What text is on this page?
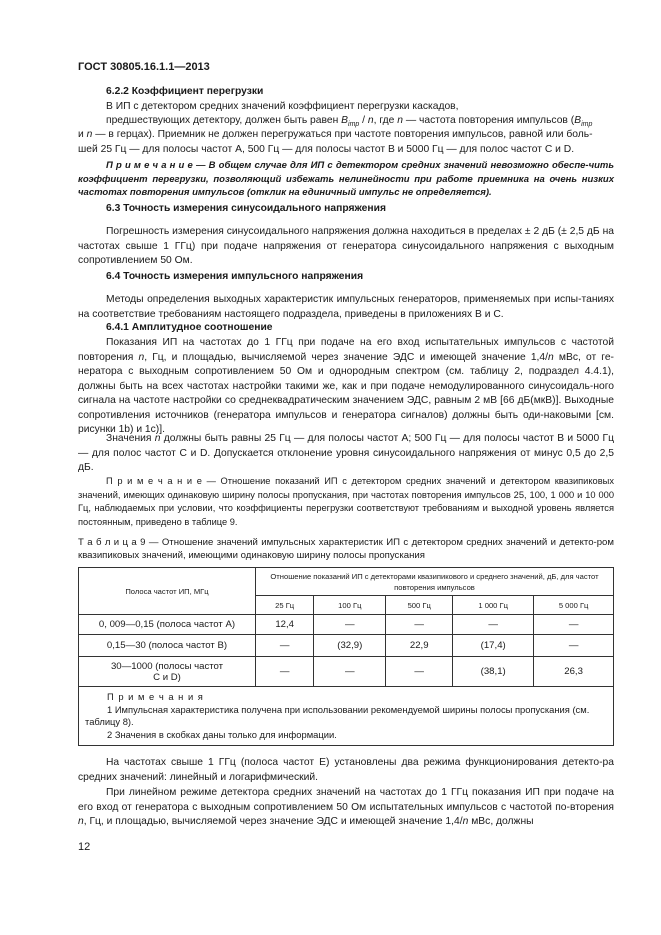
ГОСТ 30805.16.1.1—2013

6.2.2 Коэффициент перегрузки

В ИП с детектором средних значений коэффициент перегрузки каскадов,

предшествующих детектору, должен быть равен $B_{imp}$ / n, где n — частота повторения импульсов ($B_{imp}$

и n — в герцах). Приемник не должен перегружаться при частоте повторения импульсов, равной или боль-
шей 25 Гц — для полосы частот А, 500 Гц — для полосы частот В и 5000 Гц — для полос частот С и D.
П р и м е ч а н и е — В общем случае для ИП с детектором средних значений невозможно обеспе-чить коэффициент перегрузки, позволяющий избежать нелинейности при работе приемника на очень низких частотах повторения импульсов (отклик на единичный импульс не определяется).
6.3 Точность измерения синусоидального напряжения
Погрешность измерения синусоидального напряжения должна находиться в пределах ± 2 дБ (± 2,5 дБ на частотах свыше 1 ГГц) при подаче напряжения от генератора синусоидального напряжения с выходным сопротивлением 50 Ом.
6.4 Точность измерения импульсного напряжения
Методы определения выходных характеристик импульсных генераторов, применяемых при испы-таниях на соответствие требованиям настоящего подраздела, приведены в приложениях В и С.
6.4.1 Амплитудное соотношение
Показания ИП на частотах до 1 ГГц при подаче на его вход испытательных импульсов с частотой повторения n, Гц, и площадью, вычисляемой через значение ЭДС и имеющей значение 1,4/n мВс, от ге-нератора с выходным сопротивлением 50 Ом и однородным спектром (см. таблицу 2, подраздел 4.4.1), должны быть на всех частотах настройки такими же, как и при подаче немодулированного синусоидаль-ного сигнала на частоте настройки со среднеквадратическим значением ЭДС, равным 2 мВ [66 дБ(мкВ)]. Выходные сопротивления источников (генератора импульсов и генератора сигналов) должны быть оди-наковыми [см. рисунки 1b) и 1с)].
Значения n должны быть равны 25 Гц — для полосы частот А; 500 Гц — для полосы частот В и 5000 Гц — для полос частот С и D. Допускается отклонение уровня синусоидального напряжения от минус 0,5 до 2,5 дБ.
П р и м е ч а н и е — Отношение показаний ИП с детектором средних значений и детектором квазипиковых значений, имеющих одинаковую ширину полосы пропускания, при частотах повторения импульсов 25, 100, 1 000 и 10 000 Гц, наблюдаемых при условии, что коэффициенты перегрузки соответствуют требованиям и выходной уровень является постоянным, приведено в таблице 9.
Т а б л и ц а 9 — Отношение значений импульсных характеристик ИП с детектором средних значений и детекто-ром квазипиковых значений, имеющими одинаковую ширину полосы пропускания
Полоса частот ИП, МГц	Отношение показаний ИП с детекторами квазипикового и среднего значений, дБ, для частот повторения импульсов				
	25 Гц	100 Гц	500 Гц	1 000 Гц	5 000 Гц
0, 009—0,15 (полоса частот А)	12,4	—	—	—	—
0,15—30 (полоса частот В)	—	(32,9)	22,9	(17,4)	—
30—1000 (полосы частот С и D)	—	—	—	(38,1)	26,3

П р и м е ч а н и я
1 Импульсная характеристика получена при использовании рекомендуемой ширины полосы пропускания (см. таблицу 8).
2 Значения в скобках даны только для информации.					
На частотах свыше 1 ГГц (полоса частот Е) установлены два режима функционирования детекто-ра средних значений: линейный и логарифмический.
При линейном режиме детектора средних значений на частотах до 1 ГГц показания ИП при подаче на его вход от генератора с выходным сопротивлением 50 Ом испытательных импульсов с частотой по-вторения n, Гц, и площадью, вычисляемой через значение ЭДС и имеющей значение 1,4/n мВс, должны
12
